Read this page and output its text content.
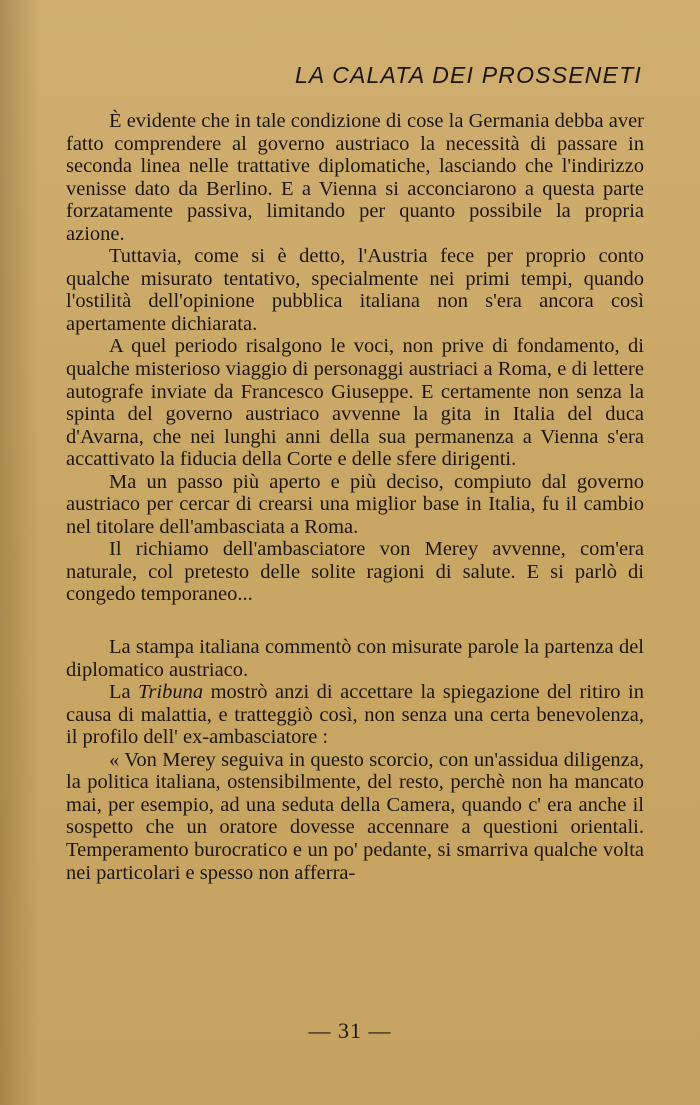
LA CALATA DEI PROSSENETI

È evidente che in tale condizione di cose la Germania debba aver fatto comprendere al governo austriaco la necessità di passare in seconda linea nelle trattative diplomatiche, lasciando che l'indirizzo venisse dato da Berlino. E a Vienna si acconciarono a questa parte forzatamente passiva, limitando per quanto possibile la propria azione.

Tuttavia, come si è detto, l'Austria fece per proprio conto qualche misurato tentativo, specialmente nei primi tempi, quando l'ostilità dell'opinione pubblica italiana non s'era ancora così apertamente dichiarata.

A quel periodo risalgono le voci, non prive di fondamento, di qualche misterioso viaggio di personaggi austriaci a Roma, e di lettere autografe inviate da Francesco Giuseppe. E certamente non senza la spinta del governo austriaco avvenne la gita in Italia del duca d'Avarna, che nei lunghi anni della sua permanenza a Vienna s'era accattivato la fiducia della Corte e delle sfere dirigenti.

Ma un passo più aperto e più deciso, compiuto dal governo austriaco per cercar di crearsi una miglior base in Italia, fu il cambio nel titolare dell'ambasciata a Roma.

Il richiamo dell'ambasciatore von Merey avvenne, com'era naturale, col pretesto delle solite ragioni di salute. E si parlò di congedo temporaneo...

La stampa italiana commentò con misurate parole la partenza del diplomatico austriaco.

La Tribuna mostrò anzi di accettare la spiegazione del ritiro in causa di malattia, e tratteggiò così, non senza una certa benevolenza, il profilo dell' ex-ambasciatore :

« Von Merey seguiva in questo scorcio, con un'assidua diligenza, la politica italiana, ostensibilmente, del resto, perchè non ha mancato mai, per esempio, ad una seduta della Camera, quando c' era anche il sospetto che un oratore dovesse accennare a questioni orientali. Temperamento burocratico e un po' pedante, si smarriva qualche volta nei particolari e spesso non afferra-

— 31 —
